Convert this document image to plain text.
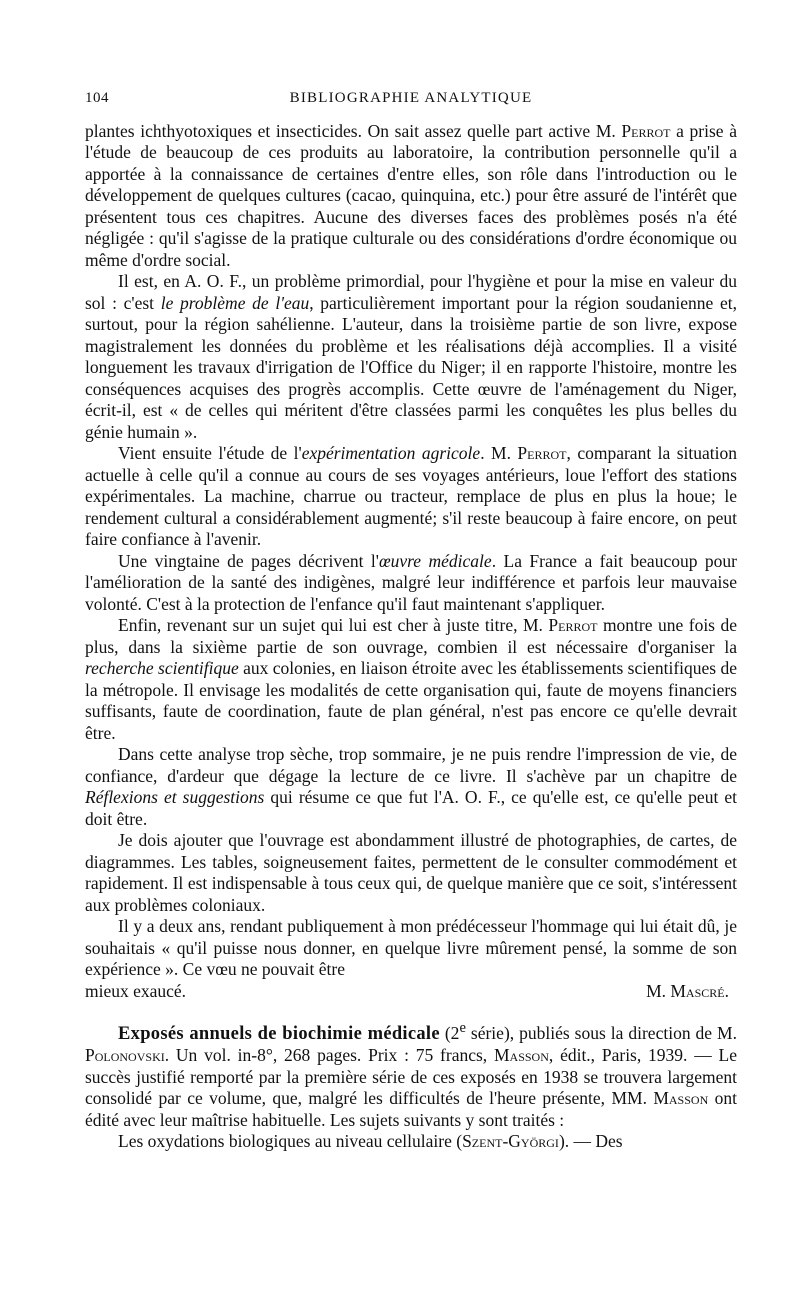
104	BIBLIOGRAPHIE ANALYTIQUE

plantes ichthyotoxiques et insecticides. On sait assez quelle part active M. Perrot a prise à l'étude de beaucoup de ces produits au laboratoire, la contribution personnelle qu'il a apportée à la connaissance de certaines d'entre elles, son rôle dans l'introduction ou le développement de quelques cultures (cacao, quinquina, etc.) pour être assuré de l'intérêt que présentent tous ces chapitres. Aucune des diverses faces des problèmes posés n'a été négligée : qu'il s'agisse de la pratique culturale ou des considérations d'ordre économique ou même d'ordre social.

Il est, en A. O. F., un problème primordial, pour l'hygiène et pour la mise en valeur du sol : c'est le problème de l'eau, particulièrement important pour la région soudanienne et, surtout, pour la région sahélienne. L'auteur, dans la troisième partie de son livre, expose magistralement les données du problème et les réalisations déjà accomplies. Il a visité longuement les travaux d'irrigation de l'Office du Niger; il en rapporte l'histoire, montre les conséquences acquises des progrès accomplis. Cette œuvre de l'aménagement du Niger, écrit-il, est « de celles qui méritent d'être classées parmi les conquêtes les plus belles du génie humain ».

Vient ensuite l'étude de l'expérimentation agricole. M. Perrot, comparant la situation actuelle à celle qu'il a connue au cours de ses voyages antérieurs, loue l'effort des stations expérimentales. La machine, charrue ou tracteur, remplace de plus en plus la houe; le rendement cultural a considérablement augmenté; s'il reste beaucoup à faire encore, on peut faire confiance à l'avenir.

Une vingtaine de pages décrivent l'œuvre médicale. La France a fait beaucoup pour l'amélioration de la santé des indigènes, malgré leur indifférence et parfois leur mauvaise volonté. C'est à la protection de l'enfance qu'il faut maintenant s'appliquer.

Enfin, revenant sur un sujet qui lui est cher à juste titre, M. Perrot montre une fois de plus, dans la sixième partie de son ouvrage, combien il est nécessaire d'organiser la recherche scientifique aux colonies, en liaison étroite avec les établissements scientifiques de la métropole. Il envisage les modalités de cette organisation qui, faute de moyens financiers suffisants, faute de coordination, faute de plan général, n'est pas encore ce qu'elle devrait être.

Dans cette analyse trop sèche, trop sommaire, je ne puis rendre l'impression de vie, de confiance, d'ardeur que dégage la lecture de ce livre. Il s'achève par un chapitre de Réflexions et suggestions qui résume ce que fut l'A. O. F., ce qu'elle est, ce qu'elle peut et doit être.

Je dois ajouter que l'ouvrage est abondamment illustré de photographies, de cartes, de diagrammes. Les tables, soigneusement faites, permettent de le consulter commodément et rapidement. Il est indispensable à tous ceux qui, de quelque manière que ce soit, s'intéressent aux problèmes coloniaux.

Il y a deux ans, rendant publiquement à mon prédécesseur l'hommage qui lui était dû, je souhaitais « qu'il puisse nous donner, en quelque livre mûrement pensé, la somme de son expérience ». Ce vœu ne pouvait être

mieux exaucé.	M. Mascré.

Exposés annuels de biochimie médicale (2e série), publiés sous la direction de M. Polonovski. Un vol. in-8°, 268 pages. Prix : 75 francs, Masson, édit., Paris, 1939. — Le succès justifié remporté par la première série de ces exposés en 1938 se trouvera largement consolidé par ce volume, que, malgré les difficultés de l'heure présente, MM. Masson ont édité avec leur maîtrise habituelle. Les sujets suivants y sont traités :

Les oxydations biologiques au niveau cellulaire (Szent-Györgi). — Des
